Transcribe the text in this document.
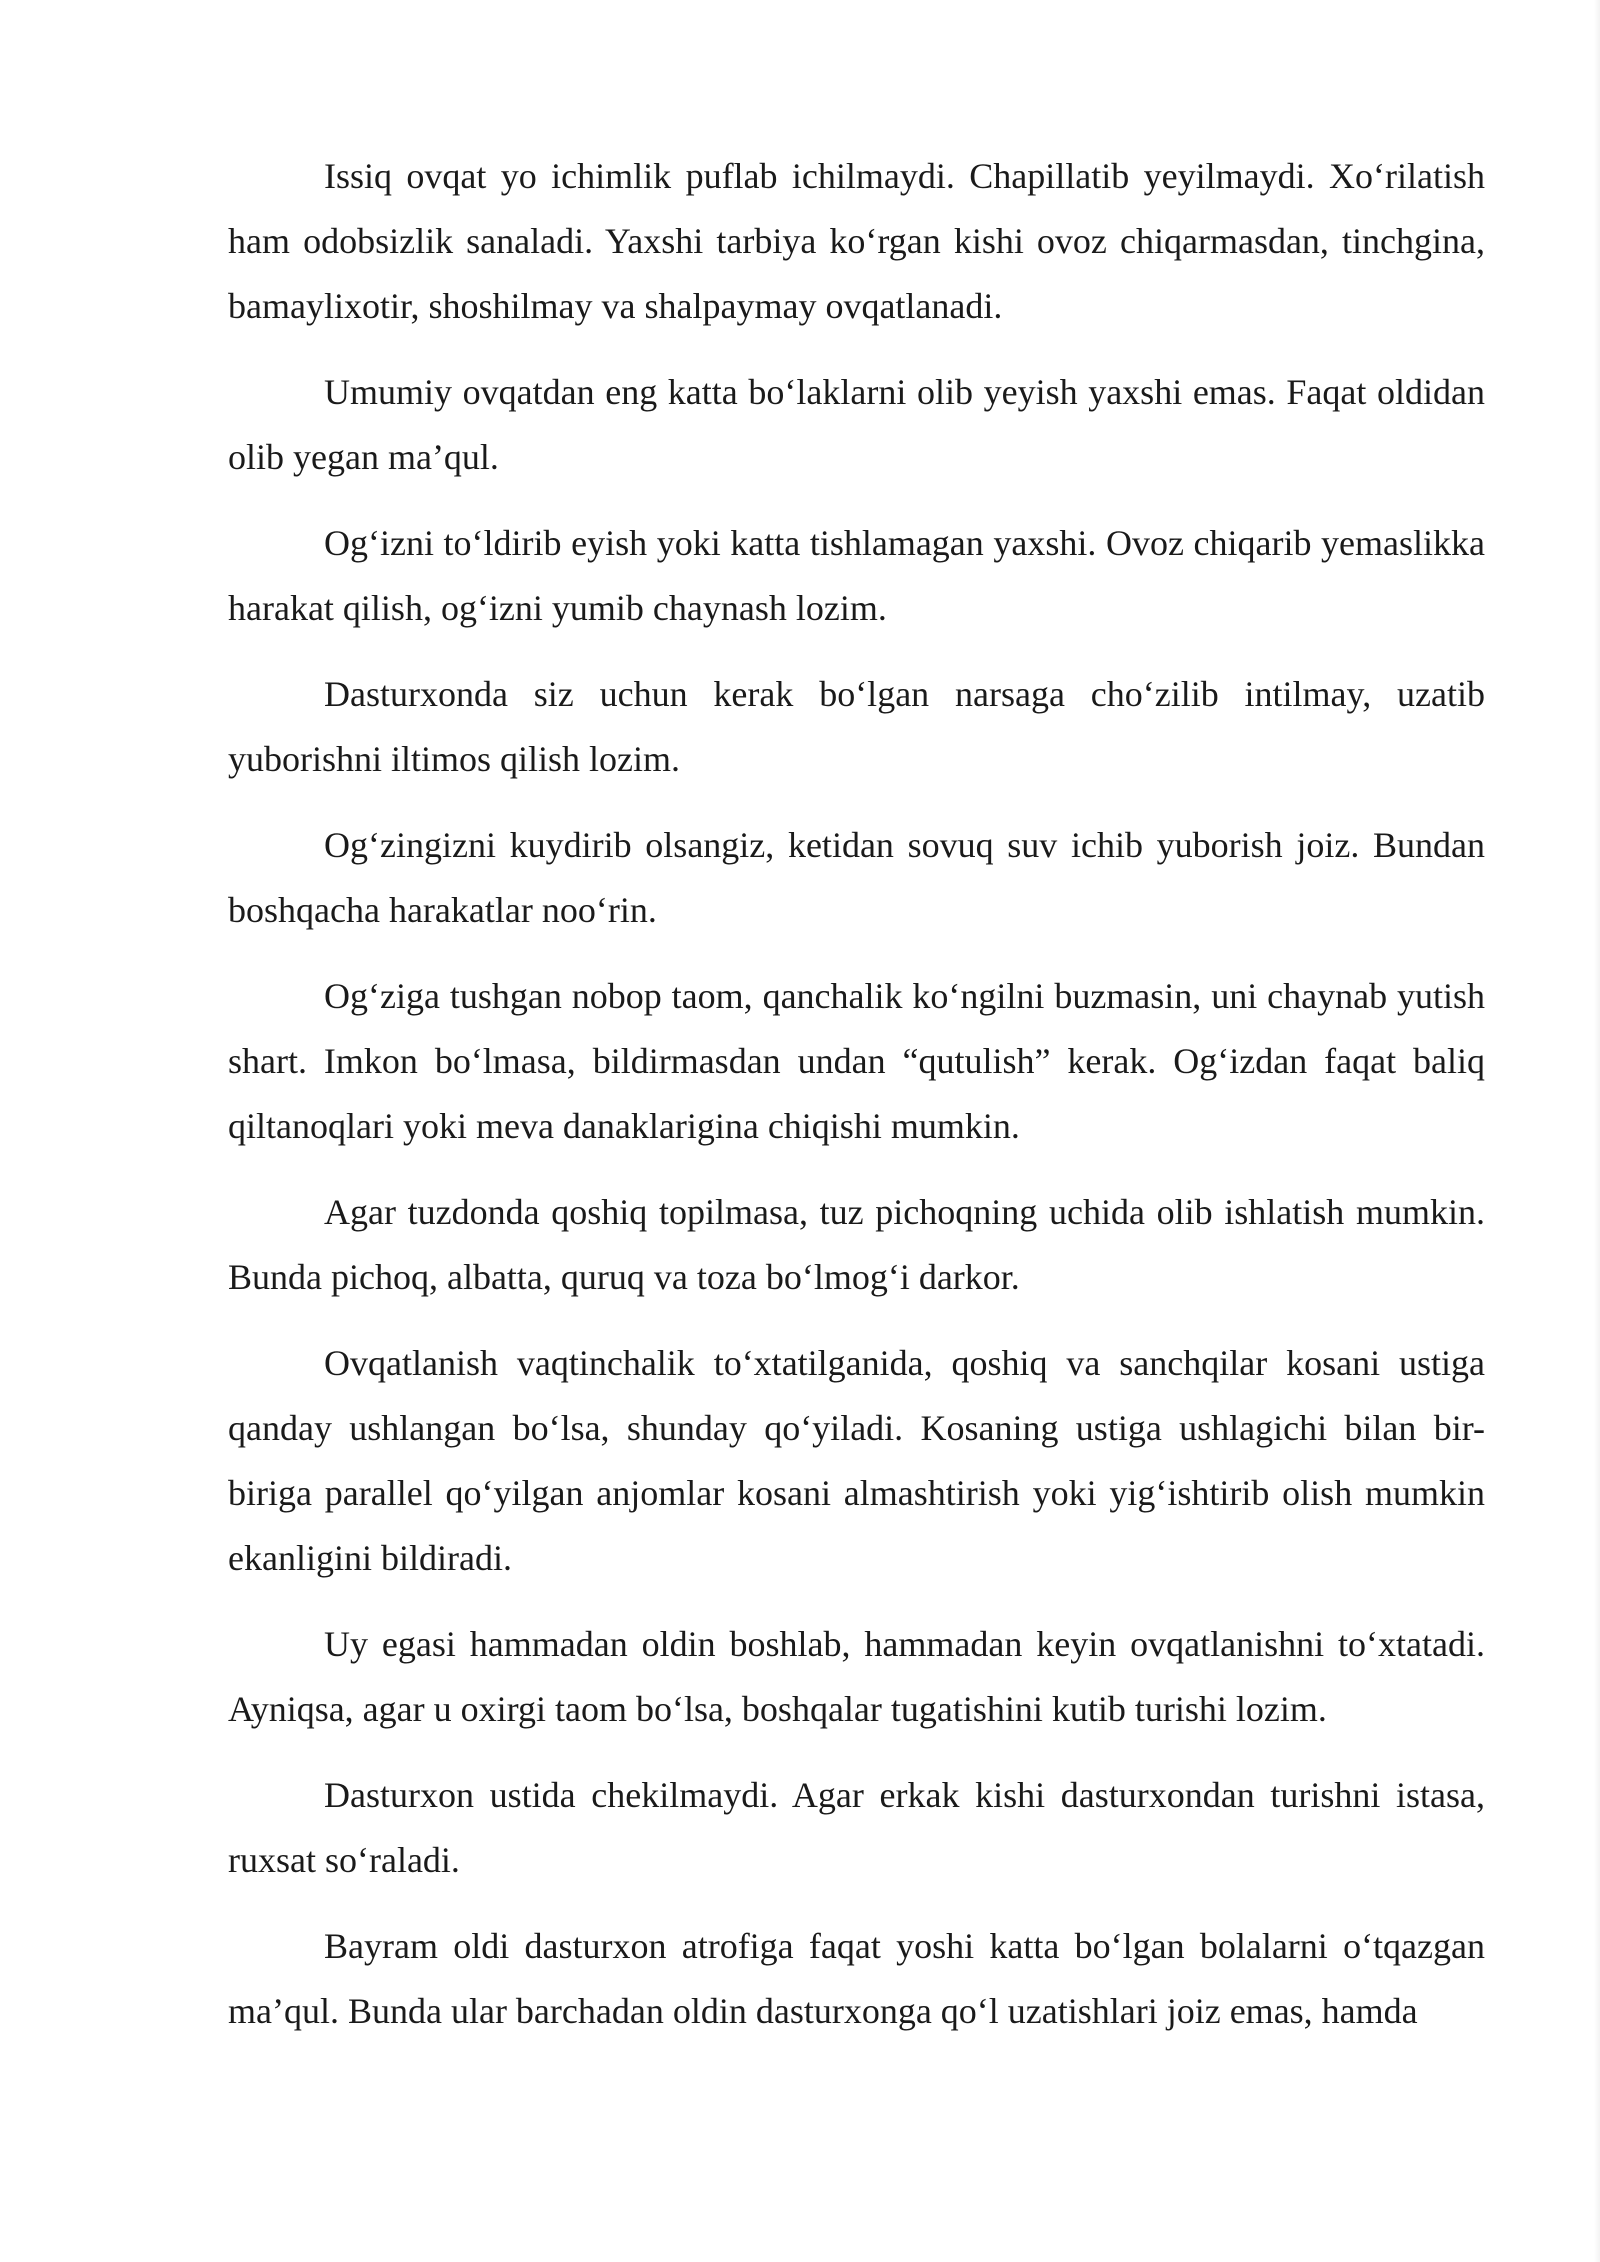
Issiq ovqat yo ichimlik puflab ichilmaydi. Chapillatib yeyilmaydi. Xo‘rilatish ham odobsizlik sanaladi. Yaxshi tarbiya ko‘rgan kishi ovoz chiqarmasdan, tinchgina, bamaylixotir, shoshilmay va shalpaymay ovqatlanadi.

Umumiy ovqatdan eng katta bo‘laklarni olib yeyish yaxshi emas. Faqat oldidan olib yegan ma’qul.

Og‘izni to‘ldirib eyish yoki katta tishlamagan yaxshi. Ovoz chiqarib yemaslikka harakat qilish, og‘izni yumib chaynash lozim.

Dasturxonda siz uchun kerak bo‘lgan narsaga cho‘zilib intilmay, uzatib yuborishni iltimos qilish lozim.

Og‘zingizni kuydirib olsangiz, ketidan sovuq suv ichib yuborish joiz. Bundan boshqacha harakatlar noo‘rin.

Og‘ziga tushgan nobop taom, qanchalik ko‘ngilni buzmasin, uni chaynab yutish shart. Imkon bo‘lmasa, bildirmasdan undan “qutulish” kerak. Og‘izdan faqat baliq qiltanoqlari yoki meva danaklarigina chiqishi mumkin.

Agar tuzdonda qoshiq topilmasa, tuz pichoqning uchida olib ishlatish mumkin. Bunda pichoq, albatta, quruq va toza bo‘lmog‘i darkor.

Ovqatlanish vaqtinchalik to‘xtatilganida, qoshiq va sanchqilar kosani ustiga qanday ushlangan bo‘lsa, shunday qo‘yiladi. Kosaning ustiga ushlagichi bilan bir-biriga parallel qo‘yilgan anjomlar kosani almashtirish yoki yig‘ishtirib olish mumkin ekanligini bildiradi.

Uy egasi hammadan oldin boshlab, hammadan keyin ovqatlanishni to‘xtatadi. Ayniqsa, agar u oxirgi taom bo‘lsa, boshqalar tugatishini kutib turishi lozim.

Dasturxon ustida chekilmaydi. Agar erkak kishi dasturxondan turishni istasa, ruxsat so‘raladi.

Bayram oldi dasturxon atrofiga faqat yoshi katta bo‘lgan bolalarni o‘tqazgan ma’qul. Bunda ular barchadan oldin dasturxonga qo‘l uzatishlari joiz emas, hamda
